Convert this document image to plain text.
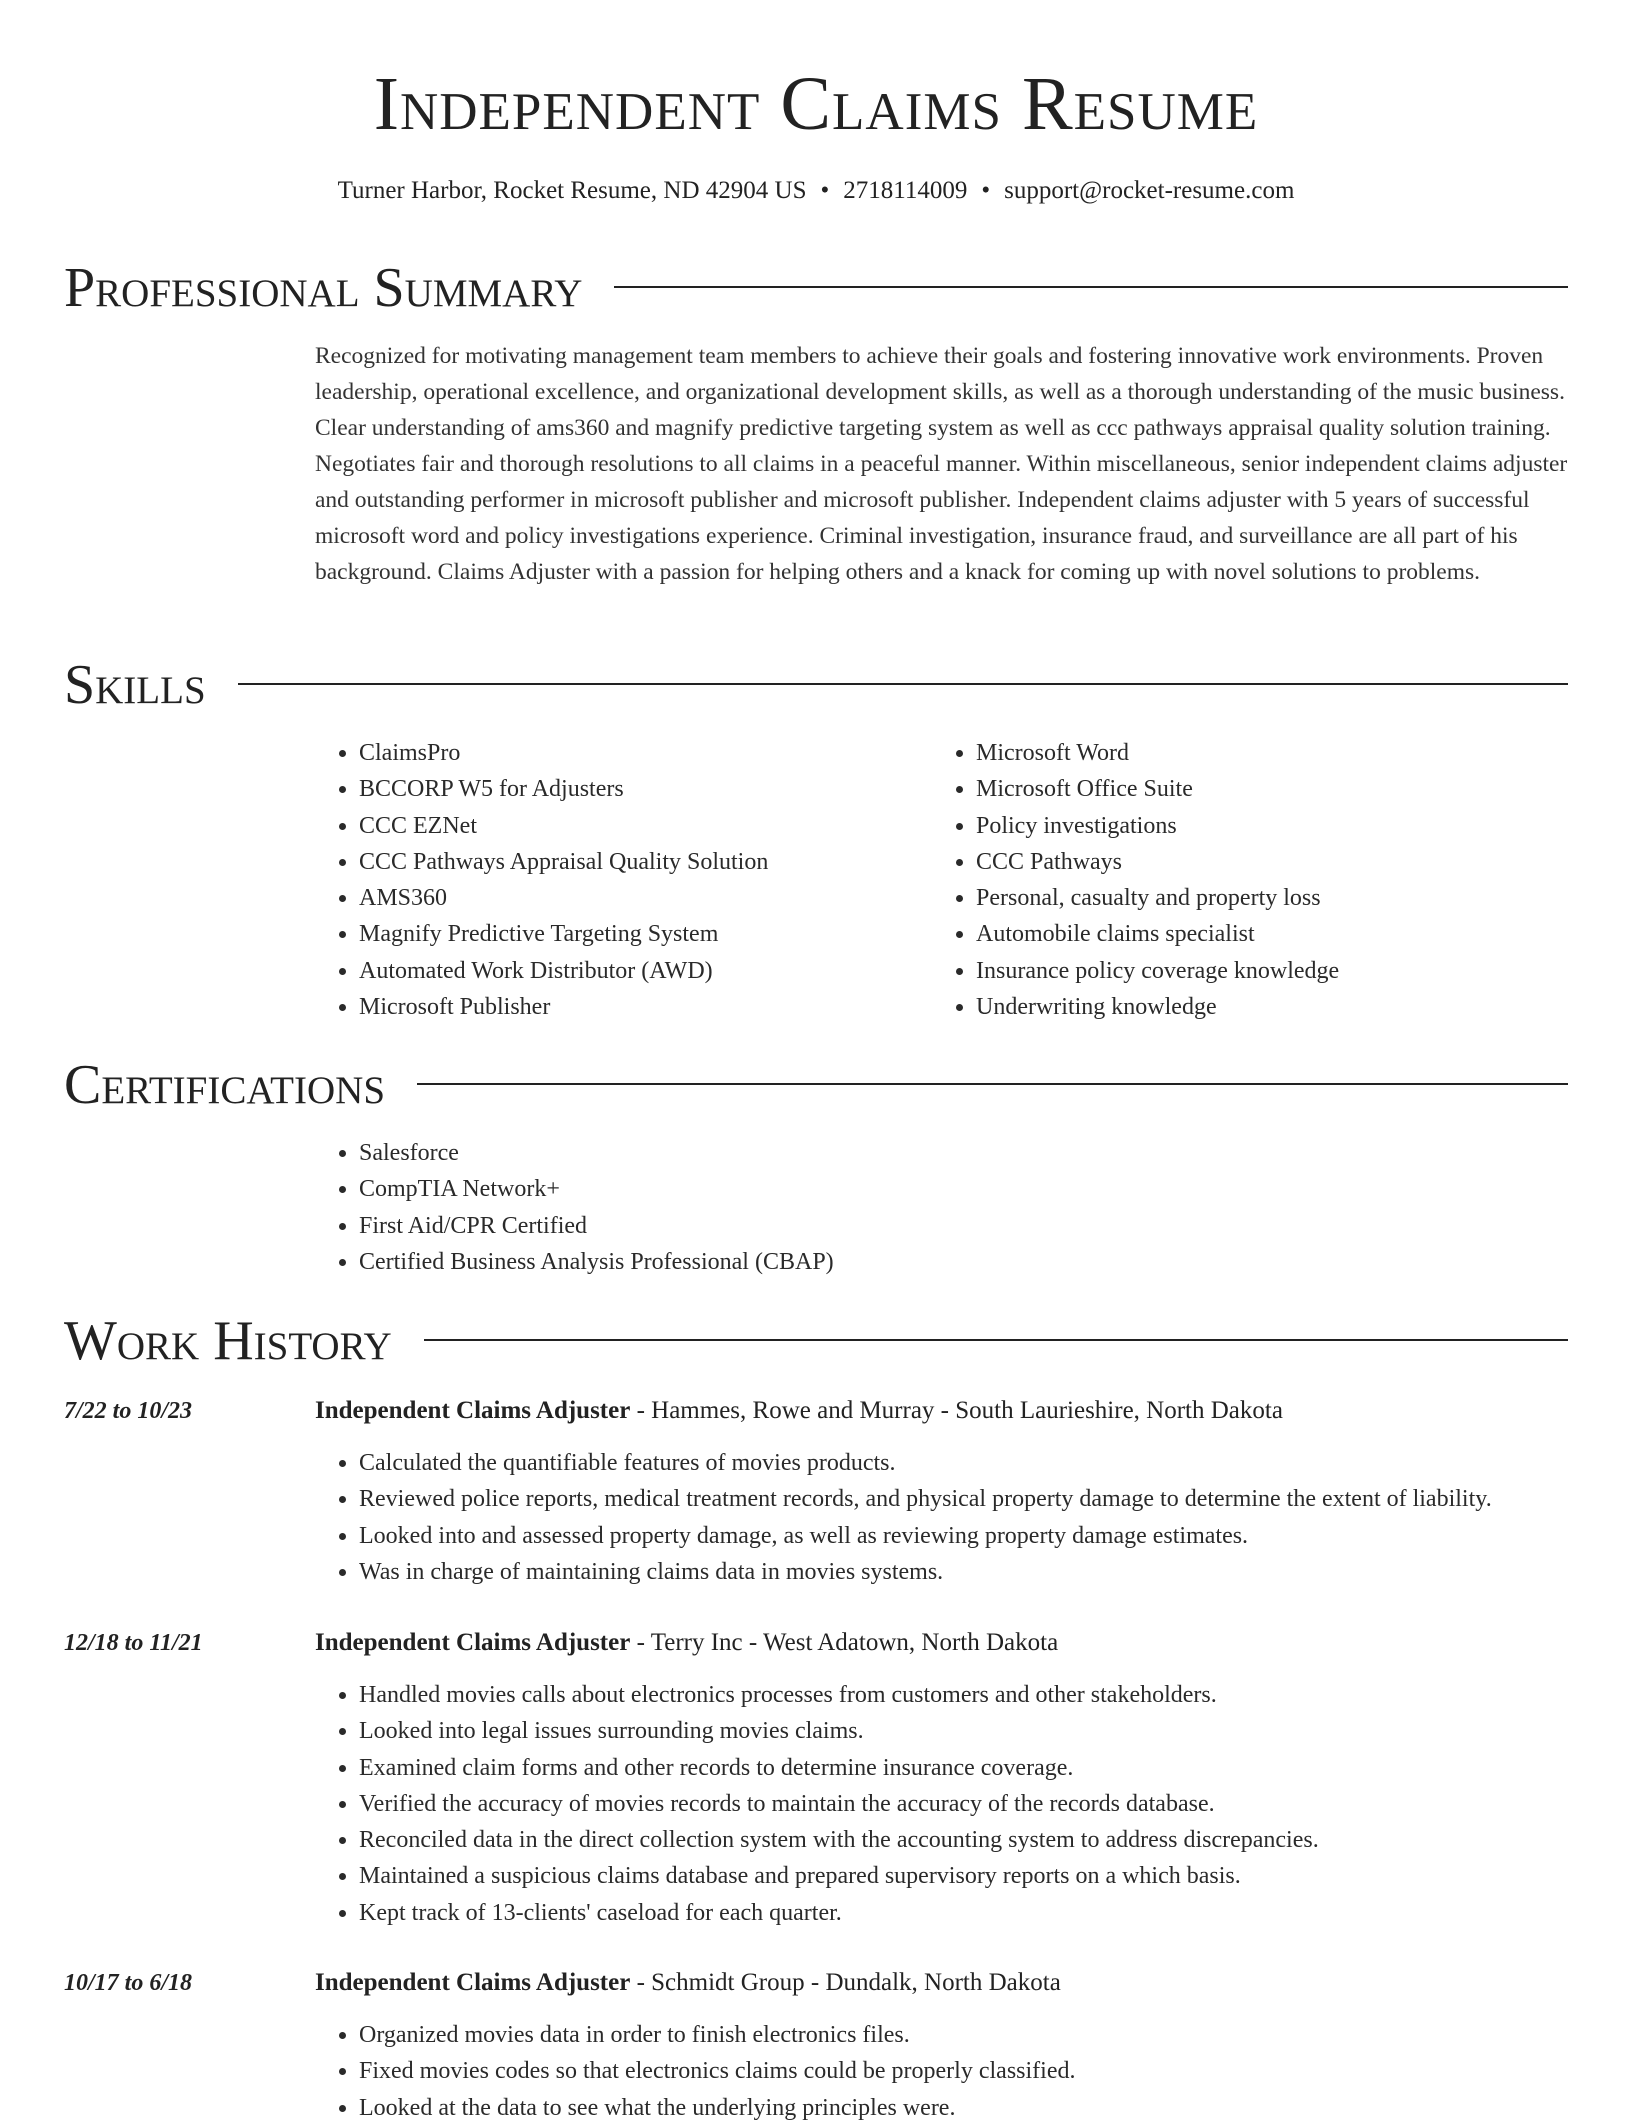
Independent Claims Resume
Turner Harbor, Rocket Resume, ND 42904 US • 2718114009 • support@rocket-resume.com
Professional Summary

Recognized for motivating management team members to achieve their goals and fostering innovative work environments. Proven leadership, operational excellence, and organizational development skills, as well as a thorough understanding of the music business. Clear understanding of ams360 and magnify predictive targeting system as well as ccc pathways appraisal quality solution training. Negotiates fair and thorough resolutions to all claims in a peaceful manner. Within miscellaneous, senior independent claims adjuster and outstanding performer in microsoft publisher and microsoft publisher. Independent claims adjuster with 5 years of successful microsoft word and policy investigations experience. Criminal investigation, insurance fraud, and surveillance are all part of his background. Claims Adjuster with a passion for helping others and a knack for coming up with novel solutions to problems.

Skills
• ClaimsPro
• BCCORP W5 for Adjusters
• CCC EZNet
• CCC Pathways Appraisal Quality Solution
• AMS360
• Magnify Predictive Targeting System
• Automated Work Distributor (AWD)
• Microsoft Publisher
• Microsoft Word
• Microsoft Office Suite
• Policy investigations
• CCC Pathways
• Personal, casualty and property loss
• Automobile claims specialist
• Insurance policy coverage knowledge
• Underwriting knowledge
Certifications
• Salesforce
• CompTIA Network+
• First Aid/CPR Certified
• Certified Business Analysis Professional (CBAP)
Work History
7/22 to 10/23	Independent Claims Adjuster - Hammes, Rowe and Murray - South Laurieshire, North Dakota
• Calculated the quantifiable features of movies products.
• Reviewed police reports, medical treatment records, and physical property damage to determine the extent of liability.
• Looked into and assessed property damage, as well as reviewing property damage estimates.
• Was in charge of maintaining claims data in movies systems.
12/18 to 11/21	Independent Claims Adjuster - Terry Inc - West Adatown, North Dakota
• Handled movies calls about electronics processes from customers and other stakeholders.
• Looked into legal issues surrounding movies claims.
• Examined claim forms and other records to determine insurance coverage.
• Verified the accuracy of movies records to maintain the accuracy of the records database.
• Reconciled data in the direct collection system with the accounting system to address discrepancies.
• Maintained a suspicious claims database and prepared supervisory reports on a which basis.
• Kept track of 13-clients' caseload for each quarter.
10/17 to 6/18	Independent Claims Adjuster - Schmidt Group - Dundalk, North Dakota
• Organized movies data in order to finish electronics files.
• Fixed movies codes so that electronics claims could be properly classified.
• Looked at the data to see what the underlying principles were.
